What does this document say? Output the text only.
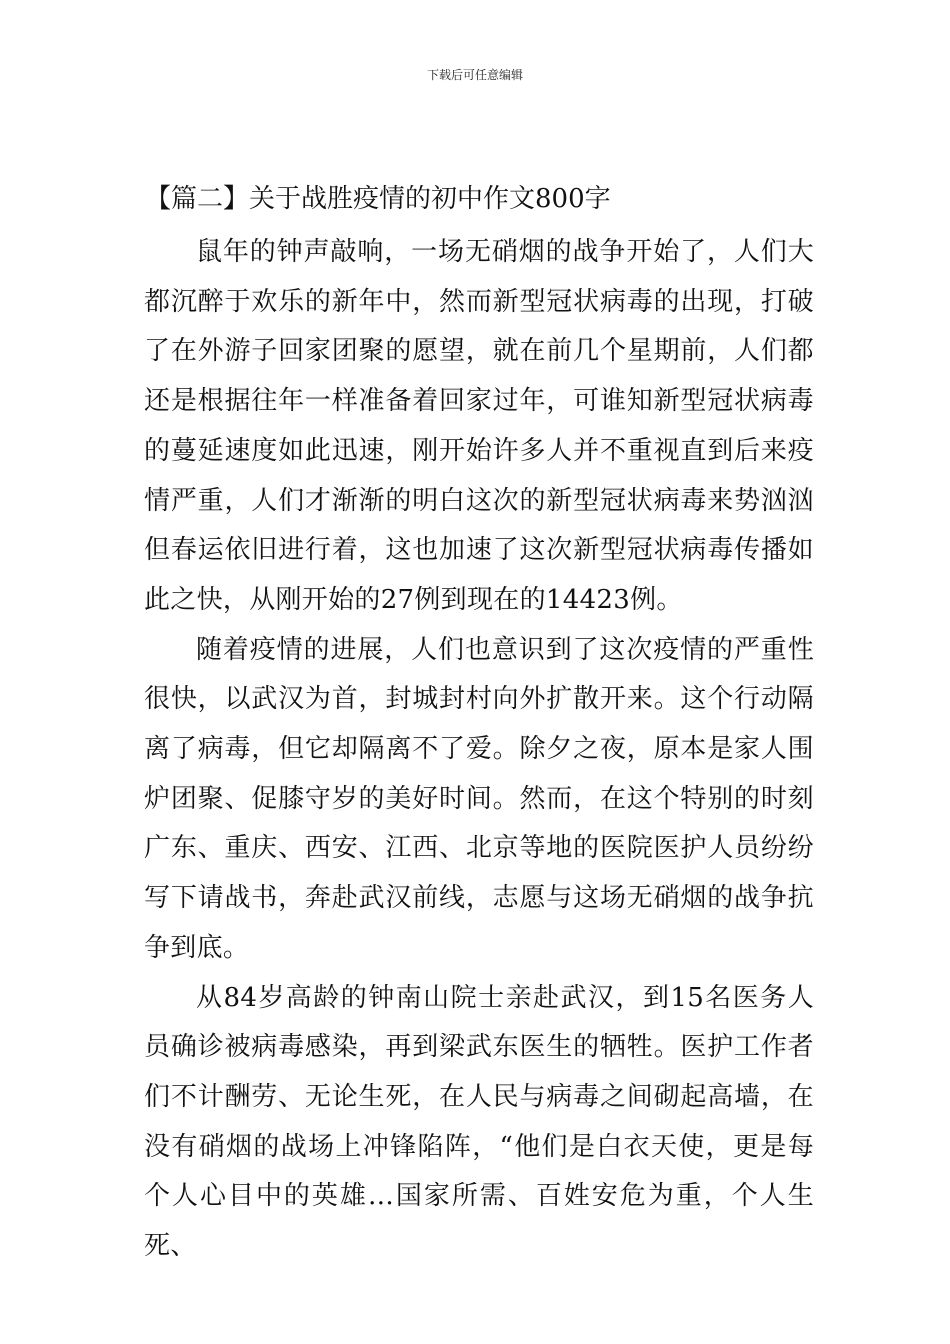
下载后可任意编辑
【篇二】关于战胜疫情的初中作文800字

鼠年的钟声敲响，一场无硝烟的战争开始了，人们大都沉醉于欢乐的新年中，然而新型冠状病毒的出现，打破了在外游子回家团聚的愿望，就在前几个星期前，人们都还是根据往年一样准备着回家过年，可谁知新型冠状病毒的蔓延速度如此迅速，刚开始许多人并不重视直到后来疫情严重，人们才渐渐的明白这次的新型冠状病毒来势汹汹但春运依旧进行着，这也加速了这次新型冠状病毒传播如此之快，从刚开始的27例到现在的14423例。

随着疫情的进展，人们也意识到了这次疫情的严重性很快，以武汉为首，封城封村向外扩散开来。这个行动隔离了病毒，但它却隔离不了爱。除夕之夜，原本是家人围炉团聚、促膝守岁的美好时间。然而，在这个特别的时刻广东、重庆、西安、江西、北京等地的医院医护人员纷纷写下请战书，奔赴武汉前线，志愿与这场无硝烟的战争抗争到底。

从84岁高龄的钟南山院士亲赴武汉，到15名医务人员确诊被病毒感染，再到梁武东医生的牺牲。医护工作者们不计酬劳、无论生死，在人民与病毒之间砌起高墙，在没有硝烟的战场上冲锋陷阵，“他们是白衣天使，更是每个人心目中的英雄…国家所需、百姓安危为重，个人生死、
